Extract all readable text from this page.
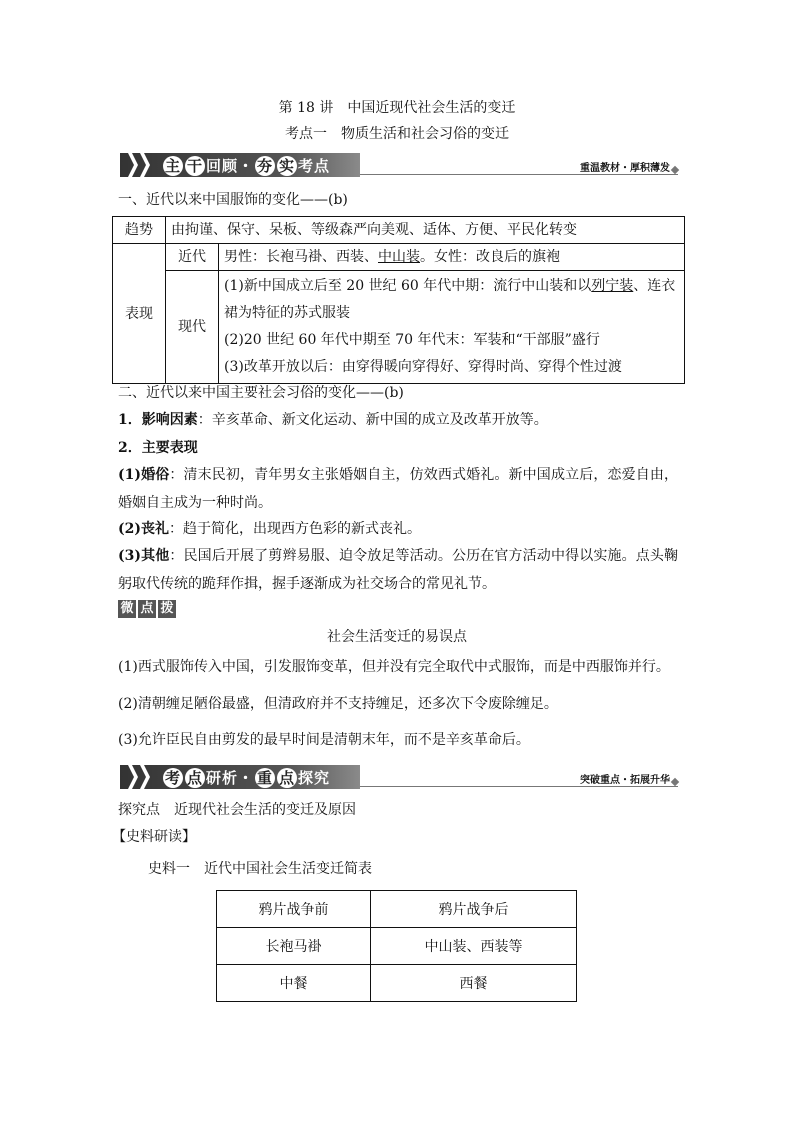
第 18 讲　中国近现代社会生活的变迁
考点一　物质生活和社会习俗的变迁
主 干 回顾・ 夯 实 考点	重温教材・厚积薄发
一、近代以来中国服饰的变化——(b)
趋势	由拘谨、保守、呆板、等级森严向美观、适体、方便、平民化转变	
表现	近代	男性：长袍马褂、西装、中山装。女性：改良后的旗袍
	现代	(1)新中国成立后至 20 世纪 60 年代中期：流行中山装和以列宁装、连衣裙为特征的苏式服装
(2)20 世纪 60 年代中期至 70 年代末：军装和“干部服”盛行
(3)改革开放以后：由穿得暖向穿得好、穿得时尚、穿得个性过渡
二、近代以来中国主要社会习俗的变化——(b)
1．影响因素：辛亥革命、新文化运动、新中国的成立及改革开放等。
2．主要表现
(1)婚俗：清末民初，青年男女主张婚姻自主，仿效西式婚礼。新中国成立后，恋爱自由，婚姻自主成为一种时尚。
(2)丧礼：趋于简化，出现西方色彩的新式丧礼。
(3)其他：民国后开展了剪辫易服、迫令放足等活动。公历在官方活动中得以实施。点头鞠躬取代传统的跪拜作揖，握手逐渐成为社交场合的常见礼节。
微 点 拨
社会生活变迁的易误点
(1)西式服饰传入中国，引发服饰变革，但并没有完全取代中式服饰，而是中西服饰并行。
(2)清朝缠足陋俗最盛，但清政府并不支持缠足，还多次下令废除缠足。
(3)允许臣民自由剪发的最早时间是清朝末年，而不是辛亥革命后。
考 点 研析・ 重 点 探究	突破重点・拓展升华
探究点　近现代社会生活的变迁及原因
【史料研读】
史料一　近代中国社会生活变迁简表
鸦片战争前	鸦片战争后
长袍马褂	中山装、西装等
中餐	西餐
